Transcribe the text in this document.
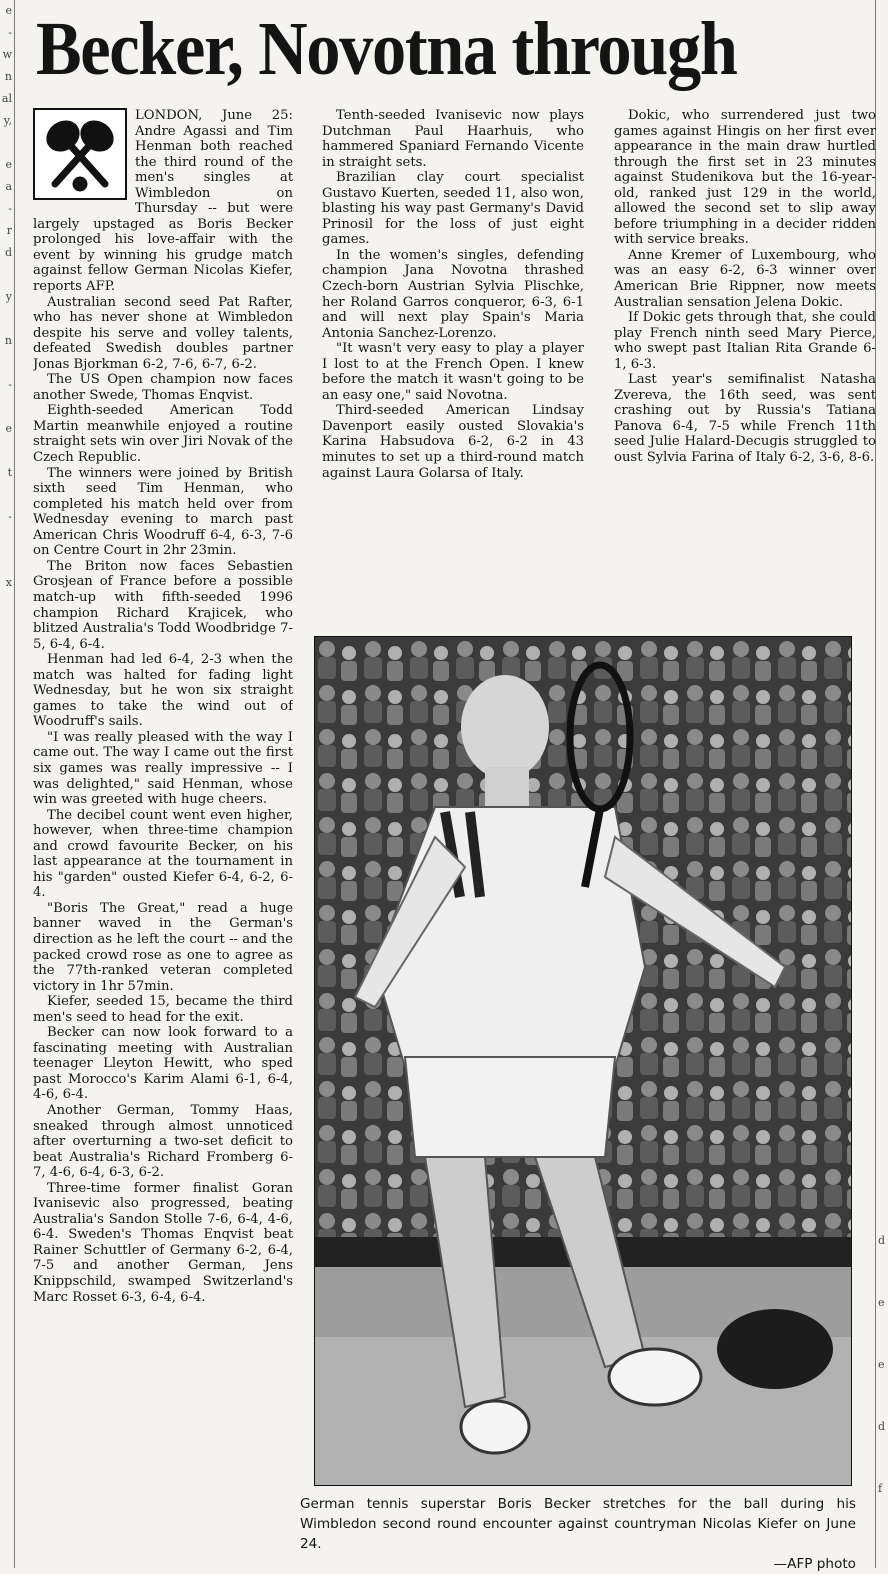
e
-
w
n
al
y,
e
a
-
r
d
y
n
-
e
t
-
x
d
e
e
d
f
Becker, Novotna through

LONDON, June 25: Andre Agassi and Tim Henman both reached the third round of the men's singles at Wimbledon on Thursday -- but were largely upstaged as Boris Becker prolonged his love-affair with the event by winning his grudge match against fellow German Nicolas Kiefer, reports AFP.

Australian second seed Pat Rafter, who has never shone at Wimbledon despite his serve and volley talents, defeated Swedish doubles partner Jonas Bjorkman 6-2, 7-6, 6-7, 6-2.

The US Open champion now faces another Swede, Thomas Enqvist.

Eighth-seeded American Todd Martin meanwhile enjoyed a routine straight sets win over Jiri Novak of the Czech Republic.

The winners were joined by British sixth seed Tim Henman, who completed his match held over from Wednesday evening to march past American Chris Woodruff 6-4, 6-3, 7-6 on Centre Court in 2hr 23min.

The Briton now faces Sebastien Grosjean of France before a possible match-up with fifth-seeded 1996 champion Richard Krajicek, who blitzed Australia's Todd Woodbridge 7-5, 6-4, 6-4.

Henman had led 6-4, 2-3 when the match was halted for fading light Wednesday, but he won six straight games to take the wind out of Woodruff's sails.

"I was really pleased with the way I came out. The way I came out the first six games was really impressive -- I was delighted," said Henman, whose win was greeted with huge cheers.

The decibel count went even higher, however, when three-time champion and crowd favourite Becker, on his last appearance at the tournament in his "garden" ousted Kiefer 6-4, 6-2, 6-4.

"Boris The Great," read a huge banner waved in the German's direction as he left the court -- and the packed crowd rose as one to agree as the 77th-ranked veteran completed victory in 1hr 57min.

Kiefer, seeded 15, became the third men's seed to head for the exit.

Becker can now look forward to a fascinating meeting with Australian teenager Lleyton Hewitt, who sped past Morocco's Karim Alami 6-1, 6-4, 4-6, 6-4.

Another German, Tommy Haas, sneaked through almost unnoticed after overturning a two-set deficit to beat Australia's Richard Fromberg 6-7, 4-6, 6-4, 6-3, 6-2.

Three-time former finalist Goran Ivanisevic also progressed, beating Australia's Sandon Stolle 7-6, 6-4, 4-6, 6-4. Sweden's Thomas Enqvist beat Rainer Schuttler of Germany 6-2, 6-4, 7-5 and another German, Jens Knippschild, swamped Switzerland's Marc Rosset 6-3, 6-4, 6-4.

Tenth-seeded Ivanisevic now plays Dutchman Paul Haarhuis, who hammered Spaniard Fernando Vicente in straight sets.

Brazilian clay court specialist Gustavo Kuerten, seeded 11, also won, blasting his way past Germany's David Prinosil for the loss of just eight games.

In the women's singles, defending champion Jana Novotna thrashed Czech-born Austrian Sylvia Plischke, her Roland Garros conqueror, 6-3, 6-1 and will next play Spain's Maria Antonia Sanchez-Lorenzo.

"It wasn't very easy to play a player I lost to at the French Open. I knew before the match it wasn't going to be an easy one," said Novotna.

Third-seeded American Lindsay Davenport easily ousted Slovakia's Karina Habsudova 6-2, 6-2 in 43 minutes to set up a third-round match against Laura Golarsa of Italy.

Dokic, who surrendered just two games against Hingis on her first ever appearance in the main draw hurtled through the first set in 23 minutes against Studenikova but the 16-year-old, ranked just 129 in the world, allowed the second set to slip away before triumphing in a decider ridden with service breaks.

Anne Kremer of Luxembourg, who was an easy 6-2, 6-3 winner over American Brie Rippner, now meets Australian sensation Jelena Dokic.

If Dokic gets through that, she could play French ninth seed Mary Pierce, who swept past Italian Rita Grande 6-1, 6-3.

Last year's semifinalist Natasha Zvereva, the 16th seed, was sent crashing out by Russia's Tatiana Panova 6-4, 7-5 while French 11th seed Julie Halard-Decugis struggled to oust Sylvia Farina of Italy 6-2, 3-6, 8-6.

German tennis superstar Boris Becker stretches for the ball during his Wimbledon second round encounter against countryman Nicolas Kiefer on June 24.
—AFP photo
